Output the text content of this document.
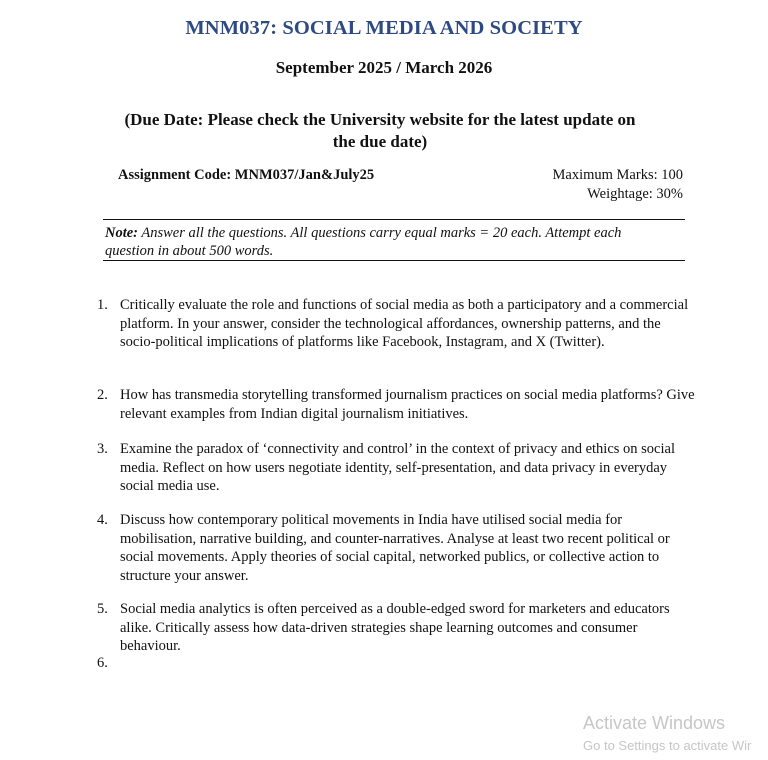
MNM037: SOCIAL MEDIA AND SOCIETY
September 2025 / March 2026
(Due Date: Please check the University website for the latest update on
the due date)
Assignment Code: MNM037/Jan&July25	Maximum Marks: 100
Weightage: 30%
Note: Answer all the questions. All questions carry equal marks = 20 each. Attempt each question in about 500 words.
1. Critically evaluate the role and functions of social media as both a participatory and a commercial platform. In your answer, consider the technological affordances, ownership patterns, and the socio-political implications of platforms like Facebook, Instagram, and X (Twitter).
2. How has transmedia storytelling transformed journalism practices on social media platforms? Give relevant examples from Indian digital journalism initiatives.
3. Examine the paradox of ‘connectivity and control’ in the context of privacy and ethics on social media. Reflect on how users negotiate identity, self-presentation, and data privacy in everyday social media use.
4. Discuss how contemporary political movements in India have utilised social media for mobilisation, narrative building, and counter-narratives. Analyse at least two recent political or social movements. Apply theories of social capital, networked publics, or collective action to structure your answer.
5. Social media analytics is often perceived as a double-edged sword for marketers and educators alike. Critically assess how data-driven strategies shape learning outcomes and consumer behaviour.
6.
Activate Windows
Go to Settings to activate Wir
